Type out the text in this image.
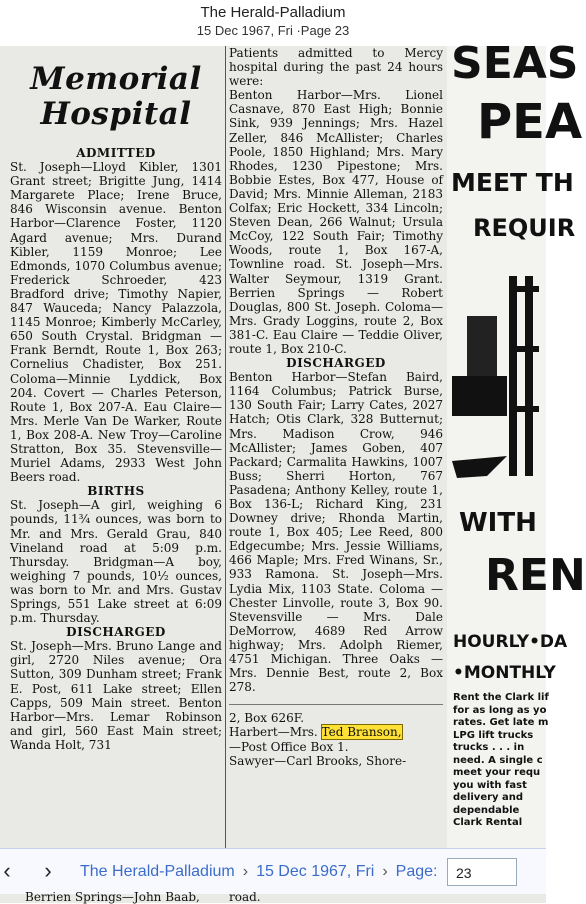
The Herald-Palladium
15 Dec 1967, Fri ·Page 23
Memorial
Hospital
ADMITTED
St. Joseph—Lloyd Kibler, 1301 Grant street; Brigitte Jung, 1414 Margarete Place; Irene Bruce, 846 Wisconsin avenue. Benton Harbor—Clarence Foster, 1120 Agard avenue; Mrs. Durand Kibler, 1159 Monroe; Lee Edmonds, 1070 Columbus avenue; Frederick Schroeder, 423 Bradford drive; Timothy Napier, 847 Wauceda; Nancy Palazzola, 1145 Monroe; Kimberly McCarley, 650 South Crystal. Bridgman — Frank Berndt, Route 1, Box 263; Cornelius Chadister, Box 251. Coloma—Minnie Lyddick, Box 204. Covert — Charles Peterson, Route 1, Box 207-A. Eau Claire—Mrs. Merle Van De Warker, Route 1, Box 208-A. New Troy—Caroline Stratton, Box 35. Stevensville—Muriel Adams, 2933 West John Beers road.
BIRTHS
St. Joseph—A girl, weighing 6 pounds, 11¾ ounces, was born to Mr. and Mrs. Gerald Grau, 840 Vineland road at 5:09 p.m. Thursday. Bridgman—A boy, weighing 7 pounds, 10½ ounces, was born to Mr. and Mrs. Gustav Springs, 551 Lake street at 6:09 p.m. Thursday.
DISCHARGED
St. Joseph—Mrs. Bruno Lange and girl, 2720 Niles avenue; Ora Sutton, 309 Dunham street; Frank E. Post, 611 Lake street; Ellen Capps, 509 Main street. Benton Harbor—Mrs. Lemar Robinson and girl, 560 East Main street; Wanda Holt, 731
Patients admitted to Mercy hospital during the past 24 hours were:
Benton Harbor—Mrs. Lionel Casnave, 870 East High; Bonnie Sink, 939 Jennings; Mrs. Hazel Zeller, 846 McAllister; Charles Poole, 1850 Highland; Mrs. Mary Rhodes, 1230 Pipestone; Mrs. Bobbie Estes, Box 477, House of David; Mrs. Minnie Alleman, 2183 Colfax; Eric Hockett, 334 Lincoln; Steven Dean, 266 Walnut; Ursula McCoy, 122 South Fair; Timothy Woods, route 1, Box 167-A, Townline road. St. Joseph—Mrs. Walter Seymour, 1319 Grant. Berrien Springs — Robert Douglas, 800 St. Joseph. Coloma—Mrs. Grady Loggins, route 2, Box 381-C. Eau Claire — Teddie Oliver, route 1, Box 210-C.
DISCHARGED
Benton Harbor—Stefan Baird, 1164 Columbus; Patrick Burse, 130 South Fair; Larry Cates, 2027 Hatch; Otis Clark, 328 Butternut; Mrs. Madison Crow, 946 McAllister; James Goben, 407 Packard; Carmalita Hawkins, 1007 Buss; Sherri Horton, 767 Pasadena; Anthony Kelley, route 1, Box 136-L; Richard King, 231 Downey drive; Rhonda Martin, route 1, Box 405; Lee Reed, 800 Edgecumbe; Mrs. Jessie Williams, 466 Maple; Mrs. Fred Winans, Sr., 933 Ramona. St. Joseph—Mrs. Lydia Mix, 1103 State. Coloma — Chester Linvolle, route 3, Box 90. Stevensville — Mrs. Dale DeMorrow, 4689 Red Arrow highway; Mrs. Adolph Riemer, 4751 Michigan. Three Oaks — Mrs. Dennie Best, route 2, Box 278.
2, Box 626F.
Harbert—Mrs. Ted Branson,
—Post Office Box 1.
Sawyer—Carl Brooks, Shore-
SEAS
PEA
MEET TH
REQUIR
WITH
REN
HOURLY•DA
•MONTHLY
Rent the Clark lif
for as long as yo
rates. Get late m
LPG lift trucks
trucks . . . in
need. A single c
meet your requ
you with fast
delivery and
dependable
Clark Rental
‹	›	The Herald-Palladium › 15 Dec 1967, Fri › Page:	23
Berrien Springs—John Baab, road.
